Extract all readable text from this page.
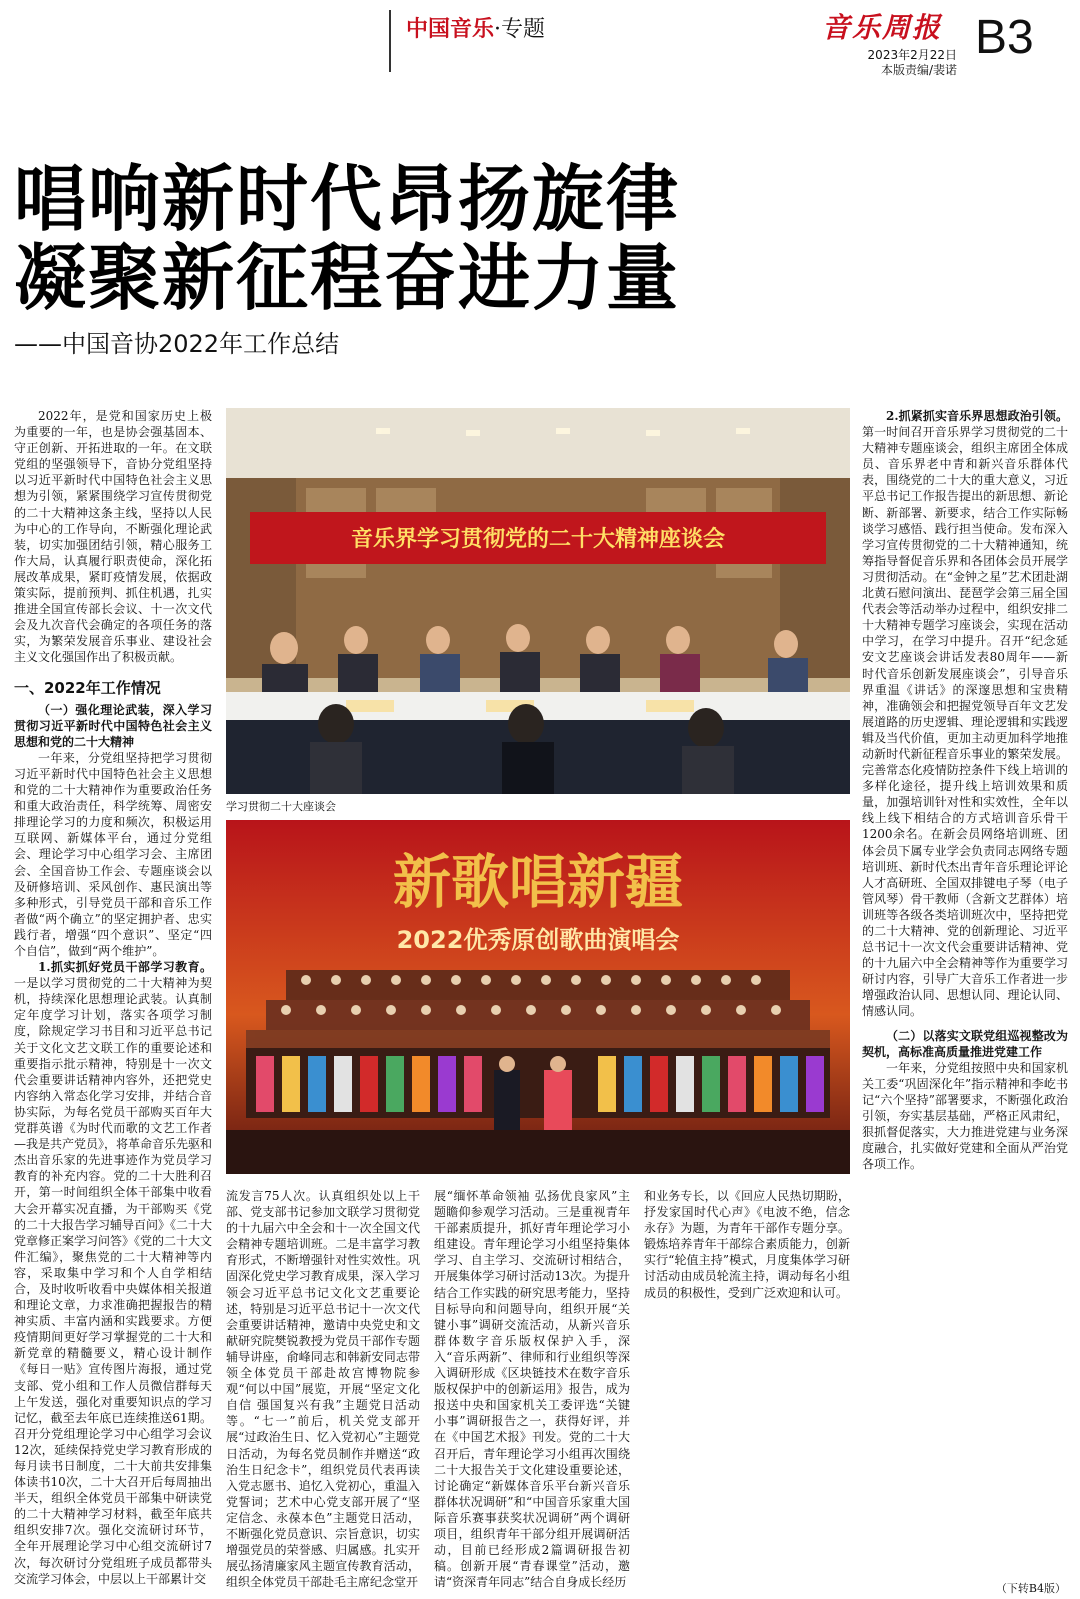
中国音乐·专题	音乐周报
2023年2月22日
本版责编/裴诺
B3
唱响新时代昂扬旋律
凝聚新征程奋进力量
——中国音协2022年工作总结

2022年，是党和国家历史上极为重要的一年，也是协会强基固本、守正创新、开拓进取的一年。在文联党组的坚强领导下，音协分党组坚持以习近平新时代中国特色社会主义思想为引领，紧紧围绕学习宣传贯彻党的二十大精神这条主线，坚持以人民为中心的工作导向，不断强化理论武装，切实加强团结引领，精心服务工作大局，认真履行职责使命，深化拓展改革成果，紧盯疫情发展，依据政策实际，提前预判、抓住机遇，扎实推进全国宣传部长会议、十一次文代会及九次音代会确定的各项任务的落实，为繁荣发展音乐事业、建设社会主义文化强国作出了积极贡献。

一、2022年工作情况

（一）强化理论武装，深入学习贯彻习近平新时代中国特色社会主义思想和党的二十大精神

一年来，分党组坚持把学习贯彻习近平新时代中国特色社会主义思想和党的二十大精神作为重要政治任务和重大政治责任，科学统筹、周密安排理论学习的力度和频次，积极运用互联网、新媒体平台，通过分党组会、理论学习中心组学习会、主席团会、全国音协工作会、专题座谈会以及研修培训、采风创作、惠民演出等多种形式，引导党员干部和音乐工作者做“两个确立”的坚定拥护者、忠实践行者，增强“四个意识”、坚定“四个自信”，做到“两个维护”。

1.抓实抓好党员干部学习教育。一是以学习贯彻党的二十大精神为契机，持续深化思想理论武装。认真制定年度学习计划，落实各项学习制度，除规定学习书目和习近平总书记关于文化文艺文联工作的重要论述和重要指示批示精神，特别是十一次文代会重要讲话精神内容外，还把党史内容纳入常态化学习安排，并结合音协实际，为每名党员干部购买百年大党群英谱《为时代而歌的文艺工作者—我是共产党员》，将革命音乐先驱和杰出音乐家的先进事迹作为党员学习教育的补充内容。党的二十大胜利召开，第一时间组织全体干部集中收看大会开幕实况直播，为干部购买《党的二十大报告学习辅导百问》《二十大党章修正案学习问答》《党的二十大文件汇编》，聚焦党的二十大精神等内容，采取集中学习和个人自学相结合，及时收听收看中央媒体相关报道和理论文章，力求准确把握报告的精神实质、丰富内涵和实践要求。方便疫情期间更好学习掌握党的二十大和新党章的精髓要义，精心设计制作《每日一贴》宣传图片海报，通过党支部、党小组和工作人员微信群每天上午发送，强化对重要知识点的学习记忆，截至去年底已连续推送61期。召开分党组理论学习中心组学习会议12次，延续保持党史学习教育形成的每月读书日制度，二十大前共安排集体读书10次，二十大召开后每周抽出半天，组织全体党员干部集中研读党的二十大精神学习材料，截至年底共组织安排7次。强化交流研讨环节，全年开展理论学习中心组交流研讨7次，每次研讨分党组班子成员都带头交流学习体会，中层以上干部累计交

流发言75人次。认真组织处以上干部、党支部书记参加文联学习贯彻党的十九届六中全会和十一次全国文代会精神专题培训班。二是丰富学习教育形式，不断增强针对性实效性。巩固深化党史学习教育成果，深入学习领会习近平总书记文化文艺重要论述，特别是习近平总书记十一次文代会重要讲话精神，邀请中央党史和文献研究院樊锐教授为党员干部作专题辅导讲座，俞峰同志和韩新安同志带领全体党员干部赴故宫博物院参观“何以中国”展览，开展“坚定文化自信 强国复兴有我”主题党日活动等。“七一”前后，机关党支部开展“过政治生日、忆入党初心”主题党日活动，为每名党员制作并赠送“政治生日纪念卡”，组织党员代表再读入党志愿书、追忆入党初心，重温入党誓词；艺术中心党支部开展了“坚定信念、永葆本色”主题党日活动，不断强化党员意识、宗旨意识，切实增强党员的荣誉感、归属感。扎实开展弘扬清廉家风主题宣传教育活动，组织全体党员干部赴毛主席纪念堂开

展“缅怀革命领袖 弘扬优良家风”主题瞻仰参观学习活动。三是重视青年干部素质提升，抓好青年理论学习小组建设。青年理论学习小组坚持集体学习、自主学习、交流研讨相结合，开展集体学习研讨活动13次。为提升结合工作实践的研究思考能力，坚持目标导向和问题导向，组织开展“关键小事”调研交流活动，从新兴音乐群体数字音乐版权保护入手，深入“音乐两新”、律师和行业组织等深入调研形成《区块链技术在数字音乐版权保护中的创新运用》报告，成为报送中央和国家机关工委评选“关键小事”调研报告之一，获得好评，并在《中国艺术报》刊发。党的二十大召开后，青年理论学习小组再次围绕二十大报告关于文化建设重要论述，讨论确定“新媒体音乐平台新兴音乐群体状况调研”和“中国音乐家重大国际音乐赛事获奖状况调研”两个调研项目，组织青年干部分组开展调研活动，目前已经形成2篇调研报告初稿。创新开展“青春课堂”活动，邀请“资深青年同志”结合自身成长经历

和业务专长，以《回应人民热切期盼，抒发家国时代心声》《电波不绝，信念永存》为题，为青年干部作专题分享。锻炼培养青年干部综合素质能力，创新实行“轮值主持”模式，月度集体学习研讨活动由成员轮流主持，调动每名小组成员的积极性，受到广泛欢迎和认可。

2.抓紧抓实音乐界思想政治引领。第一时间召开音乐界学习贯彻党的二十大精神专题座谈会，组织主席团全体成员、音乐界老中青和新兴音乐群体代表，围绕党的二十大的重大意义，习近平总书记工作报告提出的新思想、新论断、新部署、新要求，结合工作实际畅谈学习感悟、践行担当使命。发布深入学习宣传贯彻党的二十大精神通知，统筹指导督促音乐界和各团体会员开展学习贯彻活动。在“金钟之星”艺术团赴湖北黄石慰问演出、琵琶学会第三届全国代表会等活动举办过程中，组织安排二十大精神专题学习座谈会，实现在活动中学习，在学习中提升。召开“纪念延安文艺座谈会讲话发表80周年——新时代音乐创新发展座谈会”，引导音乐界重温《讲话》的深邃思想和宝贵精神，准确领会和把握党领导百年文艺发展道路的历史逻辑、理论逻辑和实践逻辑及当代价值，更加主动更加科学地推动新时代新征程音乐事业的繁荣发展。完善常态化疫情防控条件下线上培训的多样化途径，提升线上培训效果和质量，加强培训针对性和实效性，全年以线上线下相结合的方式培训音乐骨干1200余名。在新会员网络培训班、团体会员下属专业学会负责同志网络专题培训班、新时代杰出青年音乐理论评论人才高研班、全国双排键电子琴（电子管风琴）骨干教师（含新文艺群体）培训班等各级各类培训班次中，坚持把党的二十大精神、党的创新理论、习近平总书记十一次文代会重要讲话精神、党的十九届六中全会精神等作为重要学习研讨内容，引导广大音乐工作者进一步增强政治认同、思想认同、理论认同、情感认同。

（二）以落实文联党组巡视整改为契机，高标准高质量推进党建工作

一年来，分党组按照中央和国家机关工委“巩固深化年”指示精神和李屹书记“六个坚持”部署要求，不断强化政治引领，夯实基层基础，严格正风肃纪，狠抓督促落实，大力推进党建与业务深度融合，扎实做好党建和全面从严治党各项工作。

（下转B4版）
音乐界学习贯彻党的二十大精神座谈会
学习贯彻二十大座谈会
新歌唱新疆
2022优秀原创歌曲演唱会
